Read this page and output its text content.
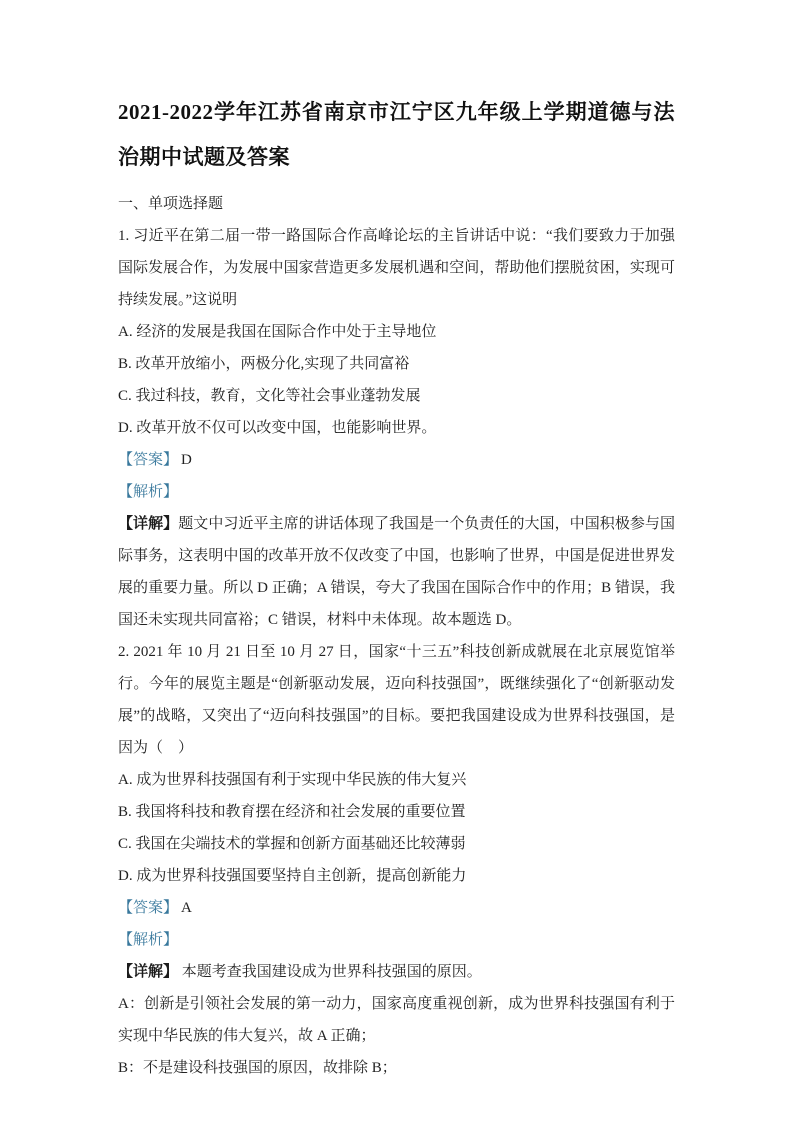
2021-2022学年江苏省南京市江宁区九年级上学期道德与法治期中试题及答案
一、单项选择题

1. 习近平在第二届一带一路国际合作高峰论坛的主旨讲话中说：“我们要致力于加强国际发展合作，为发展中国家营造更多发展机遇和空间，帮助他们摆脱贫困，实现可持续发展。”这说明

A. 经济的发展是我国在国际合作中处于主导地位

B. 改革开放缩小，两极分化,实现了共同富裕

C. 我过科技，教育，文化等社会事业蓬勃发展

D. 改革开放不仅可以改变中国，也能影响世界。

【答案】 D

【解析】

【详解】题文中习近平主席的讲话体现了我国是一个负责任的大国，中国积极参与国际事务，这表明中国的改革开放不仅改变了中国，也影响了世界，中国是促进世界发展的重要力量。所以 D 正确；A 错误，夸大了我国在国际合作中的作用；B 错误，我国还未实现共同富裕；C 错误，材料中未体现。故本题选 D。

2. 2021 年 10 月 21 日至 10 月 27 日，国家“十三五”科技创新成就展在北京展览馆举行。今年的展览主题是“创新驱动发展，迈向科技强国”，既继续强化了“创新驱动发展”的战略，又突出了“迈向科技强国”的目标。要把我国建设成为世界科技强国，是因为（　）

A. 成为世界科技强国有利于实现中华民族的伟大复兴

B. 我国将科技和教育摆在经济和社会发展的重要位置

C. 我国在尖端技术的掌握和创新方面基础还比较薄弱

D. 成为世界科技强国要坚持自主创新，提高创新能力

【答案】 A

【解析】

【详解】 本题考查我国建设成为世界科技强国的原因。

A：创新是引领社会发展的第一动力，国家高度重视创新，成为世界科技强国有利于实现中华民族的伟大复兴，故 A 正确；

B：不是建设科技强国的原因，故排除 B；
